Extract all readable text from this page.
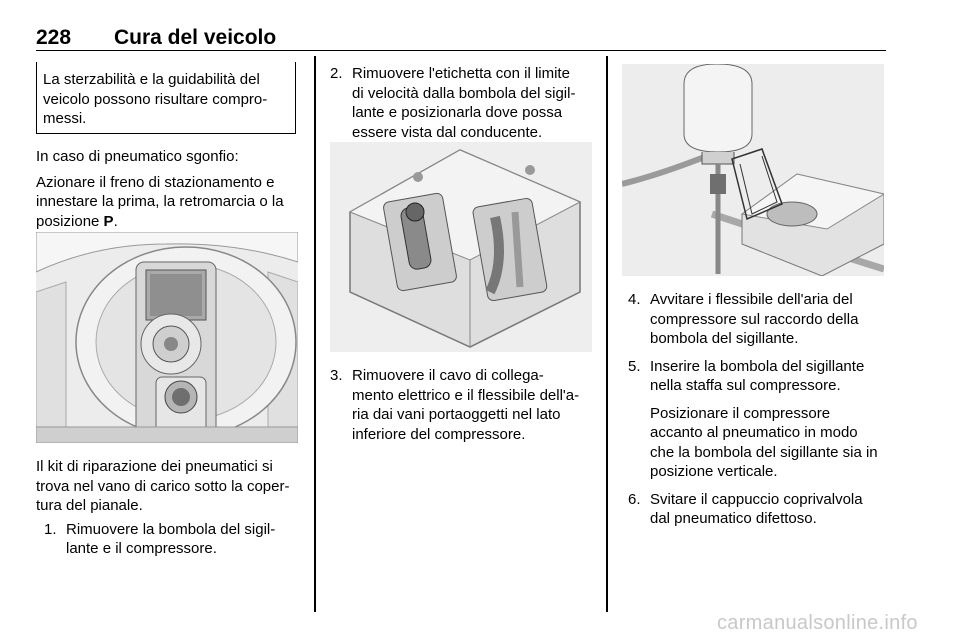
228 Cura del veicolo
La sterzabilità e la guidabilità del
veicolo possono risultare compro-
messi.

In caso di pneumatico sgonfio:

Azionare il freno di stazionamento e
innestare la prima, la retromarcia o la
posizione P.
Il kit di riparazione dei pneumatici si
trova nel vano di carico sotto la coper-
tura del pianale.
1. Rimuovere la bombola del sigil-
lante e il compressore.
2. Rimuovere l'etichetta con il limite
di velocità dalla bombola del sigil-
lante e posizionarla dove possa
essere vista dal conducente.
3. Rimuovere il cavo di collega-
mento elettrico e il flessibile dell'a-
ria dai vani portaoggetti nel lato
inferiore del compressore.
4. Avvitare i flessibile dell'aria del
compressore sul raccordo della
bombola del sigillante.
5. Inserire la bombola del sigillante
nella staffa sul compressore.
Posizionare il compressore
accanto al pneumatico in modo
che la bombola del sigillante sia in
posizione verticale.
6. Svitare il cappuccio coprivalvola
dal pneumatico difettoso.
carmanualsonline.info
